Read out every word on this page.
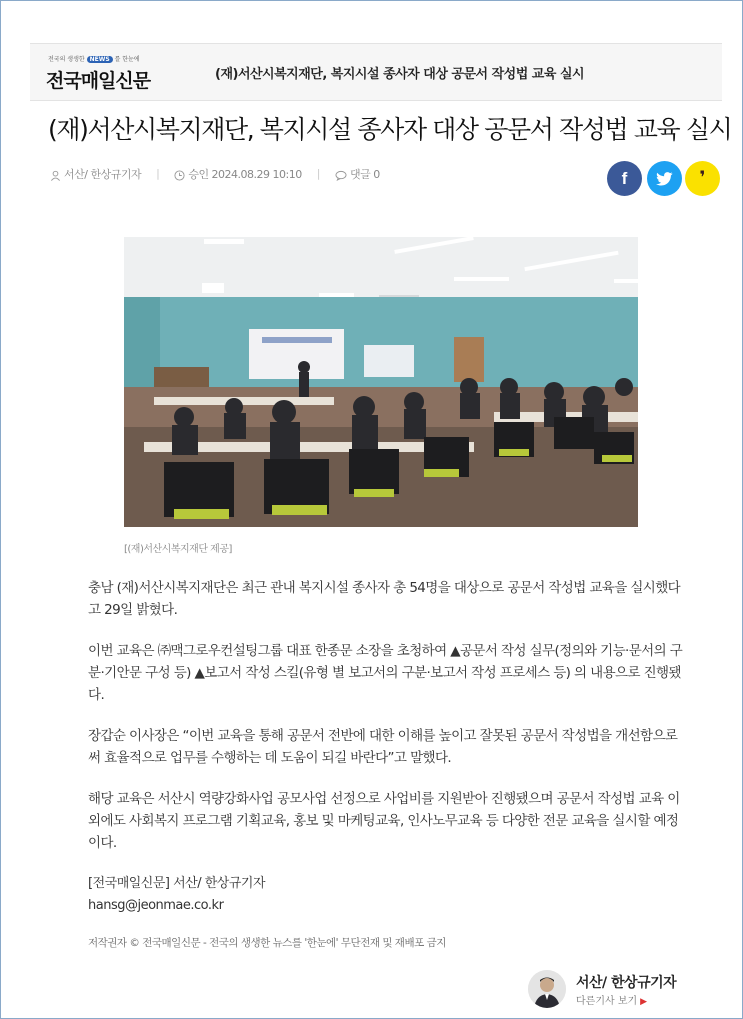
전국의 생생한 NEWS 를 한눈에
전국매일신문	(재)서산시복지재단, 복지시설 종사자 대상 공문서 작성법 교육 실시
(재)서산시복지재단, 복지시설 종사자 대상 공문서 작성법 교육 실시
서산/ 한상규기자 |	승인 2024.08.29 10:10 |	댓글 0	f	❜
[(재)서산시복지재단 제공]

충남 (재)서산시복지재단은 최근 관내 복지시설 종사자 총 54명을 대상으로 공문서 작성법 교육을 실시했다고 29일 밝혔다.

이번 교육은 ㈜맥그로우컨설팅그룹 대표 한종문 소장을 초청하여 ▲공문서 작성 실무(정의와 기능·문서의 구분·기안문 구성 등) ▲보고서 작성 스킬(유형 별 보고서의 구분·보고서 작성 프로세스 등) 의 내용으로 진행됐다.

장갑순 이사장은 “이번 교육을 통해 공문서 전반에 대한 이해를 높이고 잘못된 공문서 작성법을 개선함으로써 효율적으로 업무를 수행하는 데 도움이 되길 바란다”고 말했다.

해당 교육은 서산시 역량강화사업 공모사업 선정으로 사업비를 지원받아 진행됐으며 공문서 작성법 교육 이외에도 사회복지 프로그램 기획교육, 홍보 및 마케팅교육, 인사노무교육 등 다양한 전문 교육을 실시할 예정이다.

[전국매일신문] 서산/ 한상규기자
hansg@jeonmae.co.kr
저작권자 © 전국매일신문 - 전국의 생생한 뉴스를 '한눈에' 무단전재 및 재배포 금지
서산/ 한상규기자
다른기사 보기 ▶
